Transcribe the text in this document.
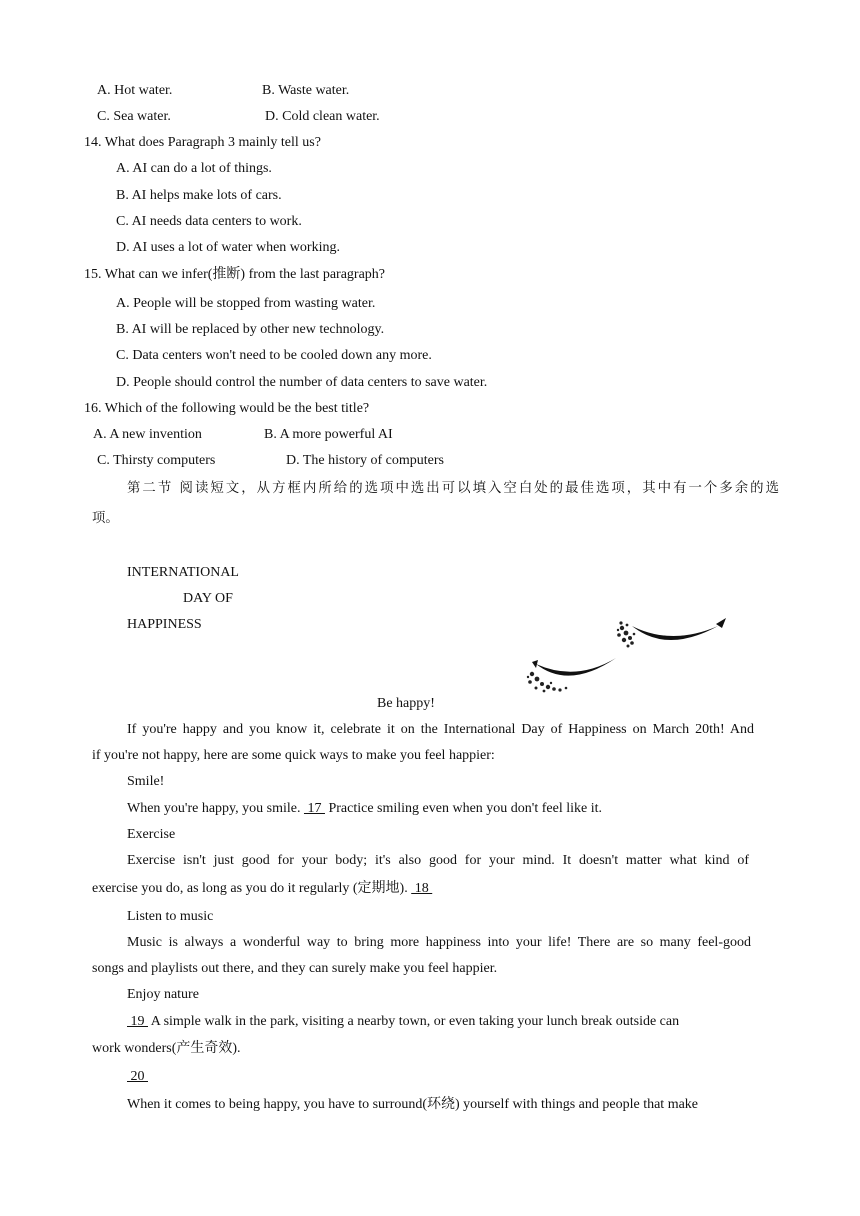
A. Hot water.	B. Waste water.
C. Sea water.	D. Cold clean water.
14. What does Paragraph 3 mainly tell us?
A. AI can do a lot of things.
B. AI helps make lots of cars.
C. AI needs data centers to work.
D. AI uses a lot of water when working.
15. What can we infer(推断) from the last paragraph?
A. People will be stopped from wasting water.
B. AI will be replaced by other new technology.
C. Data centers won't need to be cooled down any more.
D. People should control the number of data centers to save water.
16. Which of the following would be the best title?
A. A new invention	B. A more powerful AI
C. Thirsty computers	D. The history of computers
第二节 阅读短文，从方框内所给的选项中选出可以填入空白处的最佳选项，其中有一个多余的选
项。
INTERNATIONAL
DAY OF
HAPPINESS
Be happy!
If you're happy and you know it, celebrate it on the International Day of Happiness on March 20th! And
if you're not happy, here are some quick ways to make you feel happier:
Smile!
When you're happy, you smile.  17  Practice smiling even when you don't feel like it.
Exercise
Exercise isn't just good for your body; it's also good for your mind. It doesn't matter what kind of
exercise you do, as long as you do it regularly (定期地).  18
Listen to music
Music is always a wonderful way to bring more happiness into your life! There are so many feel-good
songs and playlists out there, and they can surely make you feel happier.
Enjoy nature
19  A simple walk in the park, visiting a nearby town, or even taking your lunch break outside can
work wonders(产生奇效).
20
When it comes to being happy, you have to surround(环绕) yourself with things and people that make
